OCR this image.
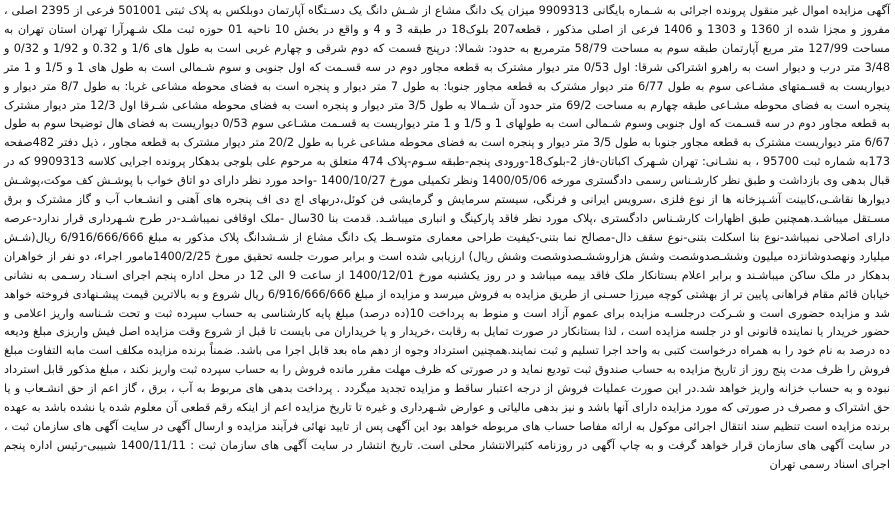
آگهی مزایده اموال غیر منقول پرونده اجرائی به شـماره بایگانی 9909313 میزان یک دانگ مشاع از شـش دانگ یک دسـتگاه آپارتمان دوبلکس به پلاک ثبتی 501001 فرعی از 2395 اصلی ، مفروز و مجزا شده از 1360 و 1303 و 1406 فرعی از اصلی مذکور ، قطعه207 بلوک18 در طبقه 3 و 4 و واقع در بخش 10 ناحیه 01 حوزه ثبت ملک شـهرآرا تهران استان تهران به مساحت 127/99 متر مربع آپارتمان طبقه سوم به مساحت 58/79 مترمربع به حدود: شمالا: درپنج قسمت که دوم شرقی و چهارم غربی است به طول های 1/6 و 0.32 و 1/92 و 0/32 و 3/48 متر درب و دیوار است به راهرو اشتراکی شرقا: اول 0/53 متر دیوار مشترک به قطعه مجاور دوم در سه قسـمت که اول جنوبی و سوم شـمالی است به طول های 1 و 1/5 و 1 متر دیواریست به قسـمتهای مشـاعی سوم به طول 6/77 متر دیوار مشترک به قطعه مجاور جنوبا: به طول 7 متر دیوار و پنجره است به فضای محوطه مشاعی غربا: به طول 8/7 متر دیوار و پنجره است به فضای محوطه مشـاعی طبقه چهارم به مساحت 69/2 متر حدود آن شـمالا به طول 3/5 متر دیوار و پنجره است به فضای محوطه مشاعی شـرقا اول 12/3 متر دیوار مشترک به قطعه مجاور دوم در سه قسـمت که اول جنوبی وسوم شـمالی است به طولهای 1 و 1/5 و 1 متر دیواریست به قسـمت مشـاعی سوم 0/53 دیواریست به فضای هال توضیحا سوم به طول 6/67 متر دیواریست مشترک به قطعه مجاور جنوبا به طول 3/5 متر دیوار و پنجره است به فضای محوطه مشاعی غربا به طول 20/2 متر دیوار مشترک به قطعه مجاور ، ذیل دفتر 482صفحه 173به شماره ثبت 95700 ، به نشـانی: تهران شـهرک اکباتان-فاز 2-بلوک18-ورودی پنجم-طبقه سـوم-پلاک 474 متعلق به مرحوم علی بلوجی بدهکار پرونده اجرایی کلاسه 9909313 که در قبال بدهی وی بازداشت و طبق نظر کارشـناس رسمی دادگستری مورخه 1400/05/06 ونظر تکمیلی مورخ 1400/10/27 -واحد مورد نظر دارای دو اتاق خواب با پوشـش کف موکت،پوشـش دیوارها نقاشـی،کابینت آشـپزخانه ها از نوع فلزی ،سرویس ایرانی و فرنگی، سیستم سرمایش و گرمایشی فن کوئل،دربهای اچ دی اف پنجره های آهنی و انشـعاب آب و گاز مشترک و برق مسـتقل میباشـد.همچنین طبق اظهارات کارشـناس دادگستری ،پلاک مورد نظر فاقد پارکینگ و انباری میباشـد. قدمت بنا 30سال -ملک اوقافی نمیباشـد-در طرح شـهرداری قرار ندارد-عرصه دارای اصلاحی نمیباشد-نوع بنا اسکلت بتنی-نوع سقف دال-مصالح نما بتنی-کیفیت طراحی معماری متوسـطـ یک دانگ مشاع از شـشدانگ پلاک مذکور به مبلغ 6/916/666/666 ریال(شـش میلیارد ونهصدوشانزده میلیون وششـصدوشصت وشش هزاروششـصدوشصت وشش ریال) ارزیابی شده است و برابر صورت جلسه تحقیق مورخ 1400/2/25مامور اجراء، دو نفر از خواهران بدهکار در ملک ساکن میباشـند و برابر اعلام بستانکار ملک فاقد بیمه میباشد و در روز یکشنبه مورخ 1400/12/01 از ساعت 9 الی 12 در محل اداره پنجم اجرای اسـناد رسـمی به نشانی خیابان قائم مقام فراهانی پایین تر از بهشتی کوچه میرزا حسـنی از طریق مزایده به فروش میرسد و مزایده از مبلغ 6/916/666/666 ریال شروع و به بالاترین قیمت پیشـنهادی فروخته خواهد شد و مزایده حضوری است و شـرکت درجلسـه مزایده برای عموم آزاد است و منوط به پرداخت 10(ده درصد) مبلغ پایه کارشناسی به حساب سپرده ثبت و تحت شـناسه واریز اعلامی و حضور خریدار یا نماینده قانونی او در جلسه مزایده است ، لذا بستانکار در صورت تمایل به رقابت ،خریدار و یا خریداران می بایست تا قبل از شروع وقت مزایده اصل فیش واریزی مبلغ ودیعه ده درصد به نام خود را به همراه درخواست کتبی به واحد اجرا تسلیم و ثبت نمایند.همچنین استرداد وجوه از دهم ماه بعد قابل اجرا می باشد. ضمناً برنده مزایده مکلف است مابه التفاوت مبلغ فروش را ظرف مدت پنج روز از تاریخ مزایده به حساب صندوق ثبت تودیع نماید و در صورتی که ظرف مهلت مقرر مانده فروش را به حساب سپرده ثبت واریز نکند ، مبلغ مذکور قابل استرداد نبوده و به حساب خزانه واریز خواهد شد.در این صورت عملیات فروش از درجه اعتبار ساقط و مزایده تجدید میگردد . پرداخت بدهی های مربوط به آب ، برق ، گاز اعم از حق انشـعاب و یا حق اشتراک و مصرف در صورتی که مورد مزایده دارای آنها باشد و نیز بدهی مالیاتی و عوارض شـهرداری و غیره تا تاریخ مزایده اعم از اینکه رقم قطعی آن معلوم شده یا نشده باشد به عهده برنده مزایده است تنظیم سند انتقال اجرائی موکول به ارائه مفاصا حساب های مربوطه خواهد بود این آگهی پس از تایید نهائی فرآیند مزایده و ارسال آگهی در سایت آگهی های سازمان ثبت ، در سایت آگهی های سازمان قرار خواهد گرفت و به چاپ آگهی در روزنامه کثیرالانتشار محلی است. تاریخ انتشار در سایت آگهی های سازمان ثبت : 1400/11/11 شبیبی-رئیس اداره پنجم اجرای اسناد رسمی تهران
